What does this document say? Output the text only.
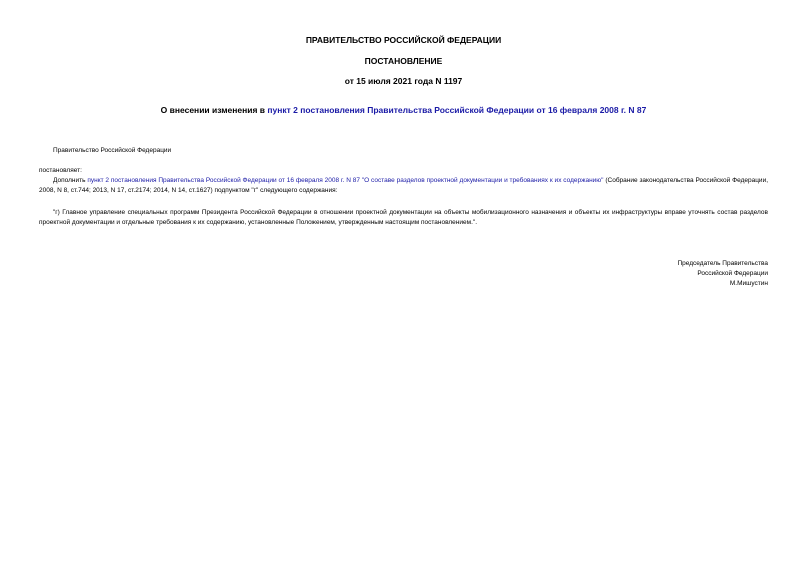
ПРАВИТЕЛЬСТВО РОССИЙСКОЙ ФЕДЕРАЦИИ
ПОСТАНОВЛЕНИЕ
от 15 июля 2021 года N 1197
О внесении изменения в пункт 2 постановления Правительства Российской Федерации от 16 февраля 2008 г. N 87
Правительство Российской Федерации
постановляет:
Дополнить пункт 2 постановления Правительства Российской Федерации от 16 февраля 2008 г. N 87 "О составе разделов проектной документации и требованиях к их содержанию" (Собрание законодательства Российской Федерации, 2008, N 8, ст.744; 2013, N 17, ст.2174; 2014, N 14, ст.1627) подпунктом "г" следующего содержания:
"г) Главное управление специальных программ Президента Российской Федерации в отношении проектной документации на объекты мобилизационного назначения и объекты их инфраструктуры вправе уточнять состав разделов проектной документации и отдельные требования к их содержанию, установленные Положением, утвержденным настоящим постановлением.".
Председатель Правительства
Российской Федерации
М.Мишустин
